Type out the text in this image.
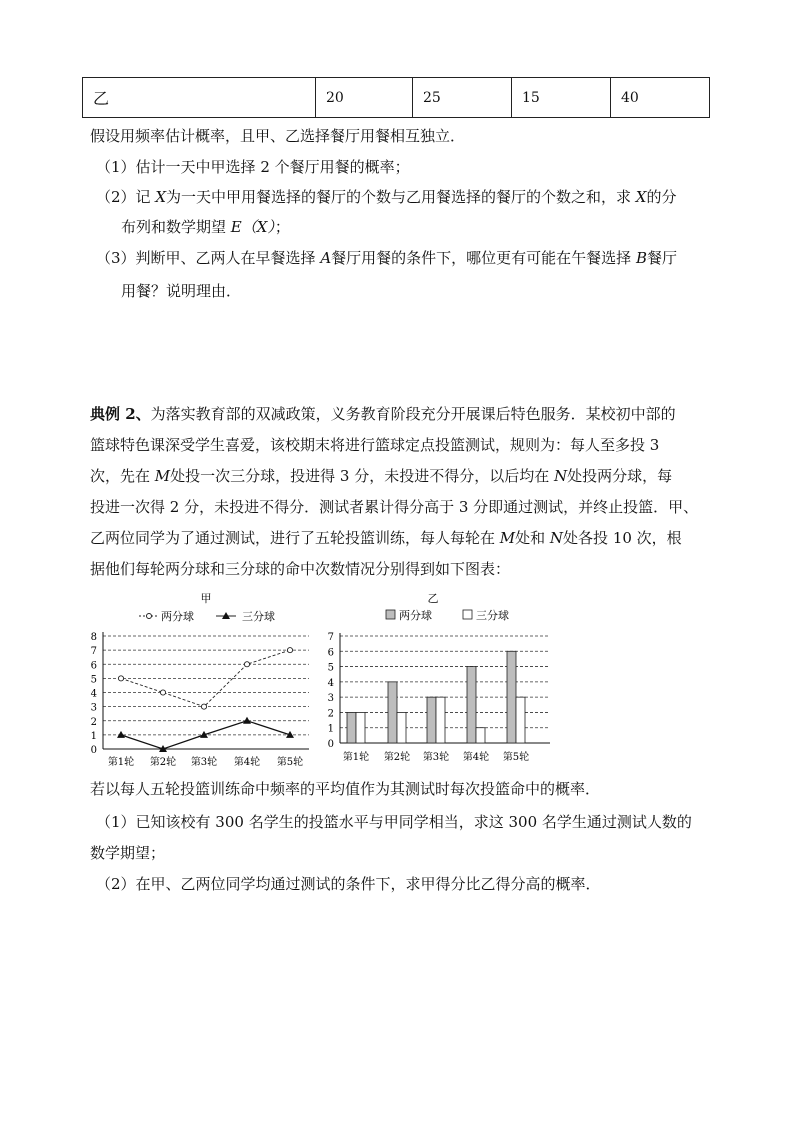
乙	20	25	15	40
假设用频率估计概率，且甲、乙选择餐厅用餐相互独立．
（1）估计一天中甲选择 2 个餐厅用餐的概率；
（2）记 X为一天中甲用餐选择的餐厅的个数与乙用餐选择的餐厅的个数之和，求 X的分
布列和数学期望 E（X）；
（3）判断甲、乙两人在早餐选择 A餐厅用餐的条件下，哪位更有可能在午餐选择 B餐厅
用餐？说明理由．
典例 2、为落实教育部的双减政策，义务教育阶段充分开展课后特色服务．某校初中部的
篮球特色课深受学生喜爱，该校期末将进行篮球定点投篮测试，规则为：每人至多投 3
次，先在 M处投一次三分球，投进得 3 分，未投进不得分，以后均在 N处投两分球，每
投进一次得 2 分，未投进不得分．测试者累计得分高于 3 分即通过测试，并终止投篮．甲、
乙两位同学为了通过测试，进行了五轮投篮训练，每人每轮在 M处和 N处各投 10 次，根
据他们每轮两分球和三分球的命中次数情况分别得到如下图表：
甲
两分球	三分球
0
1
2
3
4
5
6
7
8
第1轮 第2轮 第3轮 第4轮 第5轮
乙
两分球	三分球
0
1
2
3
4
5
6
7
第1轮 第2轮 第3轮 第4轮 第5轮
若以每人五轮投篮训练命中频率的平均值作为其测试时每次投篮命中的概率．
（1）已知该校有 300 名学生的投篮水平与甲同学相当，求这 300 名学生通过测试人数的
数学期望；
（2）在甲、乙两位同学均通过测试的条件下，求甲得分比乙得分高的概率．
